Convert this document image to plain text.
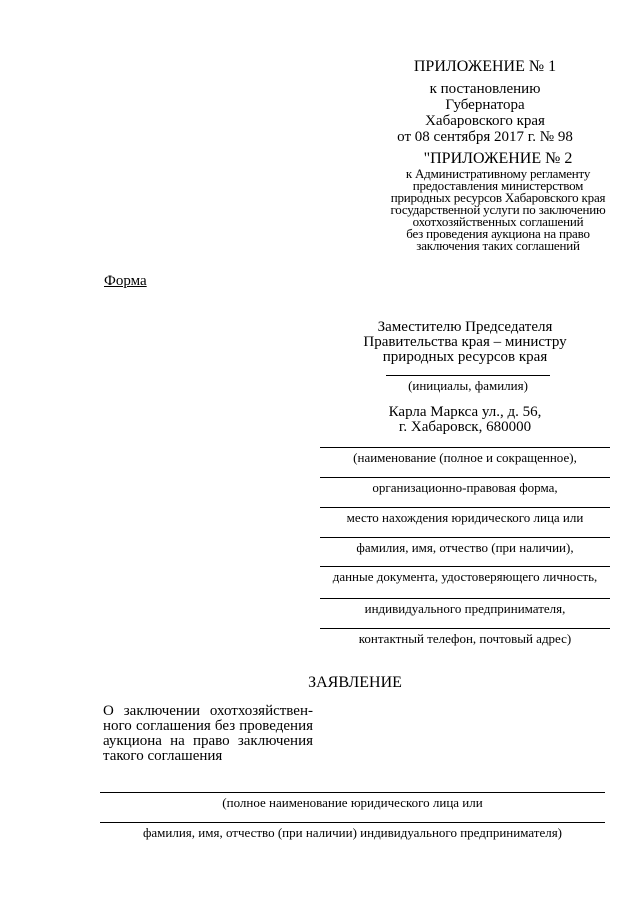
ПРИЛОЖЕНИЕ № 1
к постановлению
Губернатора
Хабаровского края
от 08 сентября 2017 г. № 98
"ПРИЛОЖЕНИЕ № 2
к Административному регламенту
предоставления министерством
природных ресурсов Хабаровского края
государственной услуги по заключению
охотхозяйственных соглашений
без проведения аукциона на право
заключения таких соглашений
Форма
Заместителю Председателя
Правительства края – министру
природных ресурсов края
(инициалы, фамилия)
Карла Маркса ул., д. 56,
г. Хабаровск, 680000
(наименование (полное и сокращенное),
организационно-правовая форма,
место нахождения юридического лица или
фамилия, имя, отчество (при наличии),
данные документа, удостоверяющего личность,
индивидуального предпринимателя,
контактный телефон, почтовый адрес)
ЗАЯВЛЕНИЕ
О заключении охотхозяйствен-ного соглашения без проведения аукциона на право заключения такого соглашения
(полное наименование юридического лица или
фамилия, имя, отчество (при наличии) индивидуального предпринимателя)
